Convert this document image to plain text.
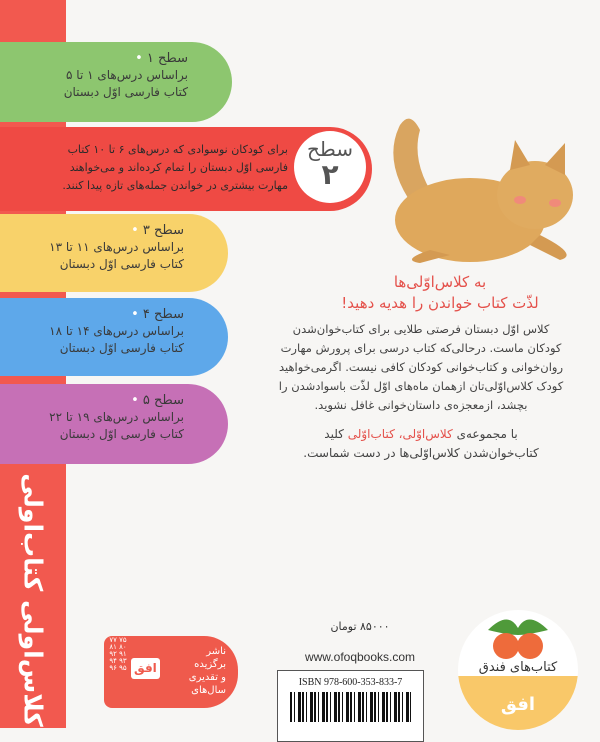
کلاس‌اولی کتاب‌اولی
سطح ۱ •
براساس درس‌های ۱ تا ۵
کتاب فارسی اوّل دبستان
برای کودکان نوسوادی که درس‌های ۶ تا ۱۰ کتاب
فارسی اوّل دبستان را تمام کرده‌اند و می‌خواهند
مهارت بیشتری در خواندن جمله‌های تازه پیدا کنند.
سطح
۲
سطح ۳ •
براساس درس‌های ۱۱ تا ۱۳
کتاب فارسی اوّل دبستان
سطح ۴ •
براساس درس‌های ۱۴ تا ۱۸
کتاب فارسی اوّل دبستان
سطح ۵ •
براساس درس‌های ۱۹ تا ۲۲
کتاب فارسی اوّل دبستان
به کلاس‌اوّلی‌ها
لذّت کتاب خواندن را هدیه دهید!
کلاس اوّل دبستان فرصتی طلایی برای کتاب‌خوان‌شدن
کودکان ماست. درحالی‌که کتاب درسی برای پرورش مهارت
روان‌خوانی و کتاب‌خوانی کودکان کافی نیست. اگرمی‌خواهید
کودک کلاس‌اوّلی‌تان ازهمان ماه‌های اوّل لذّت باسوادشدن را
بچشد، ازمعجزه‌ی داستان‌خوانی غافل نشوید.
با مجموعه‌ی کلاس‌اوّلی، کتاب‌اوّلی کلید
کتاب‌خوان‌شدن کلاس‌اوّلی‌ها در دست شماست.
۸۵۰۰۰ تومان
www.ofoqbooks.com
ISBN 978-600-353-833-7
۷۵ ۷۷ ۸۰ ۸۱ ۹۱ ۹۲ ۹۳ ۹۴ ۹۵ ۹۶ افق
ناشر
برگزیده
و تقدیری
سال‌های
کتاب‌های فندق
افق
